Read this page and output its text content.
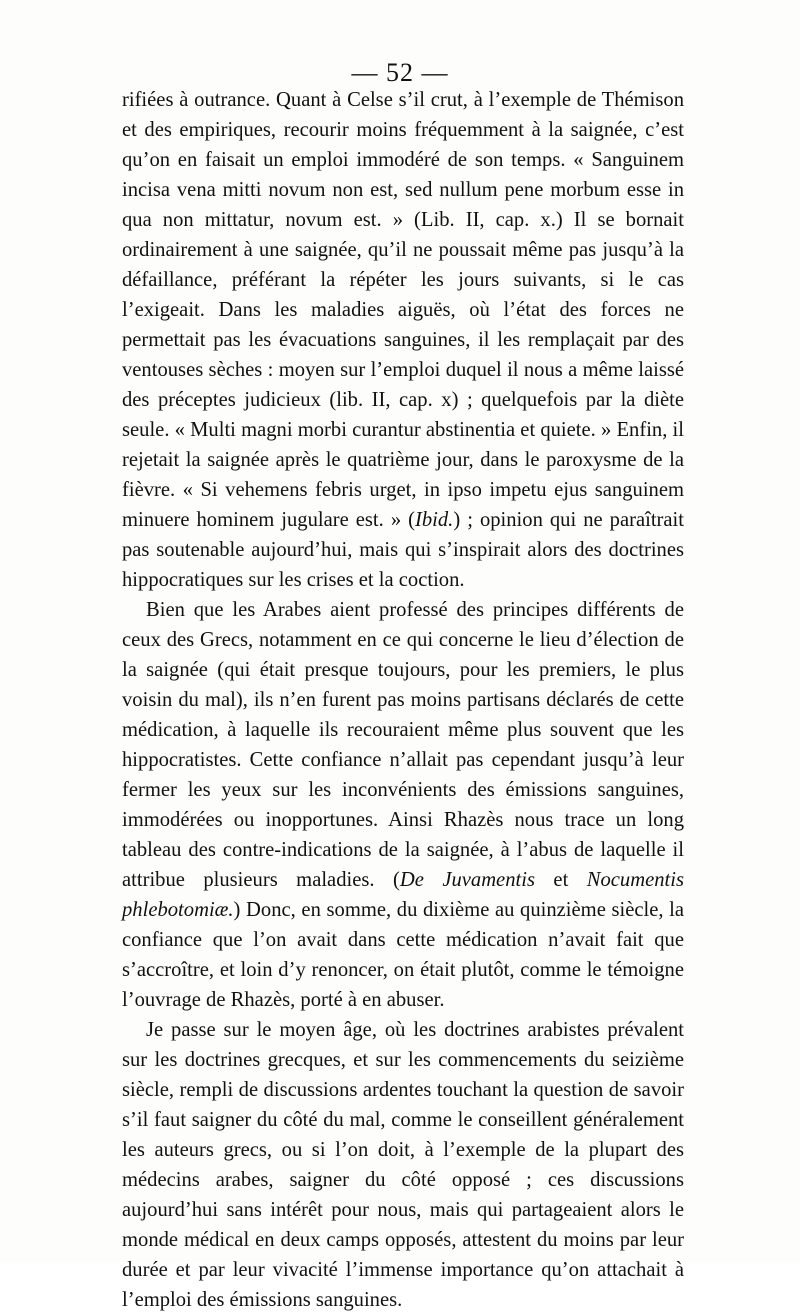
— 52 —

rifiées à outrance. Quant à Celse s’il crut, à l’exemple de Thémison et des empiriques, recourir moins fréquemment à la saignée, c’est qu’on en faisait un emploi immodéré de son temps. « Sanguinem incisa vena mitti novum non est, sed nullum pene morbum esse in qua non mittatur, novum est. » (Lib. II, cap. x.) Il se bornait ordinairement à une saignée, qu’il ne poussait même pas jusqu’à la défaillance, préférant la répéter les jours suivants, si le cas l’exigeait. Dans les maladies aiguës, où l’état des forces ne permettait pas les évacuations sanguines, il les remplaçait par des ventouses sèches : moyen sur l’emploi duquel il nous a même laissé des préceptes judicieux (lib. II, cap. x) ; quelquefois par la diète seule. « Multi magni morbi curantur abstinentia et quiete. » Enfin, il rejetait la saignée après le quatrième jour, dans le paroxysme de la fièvre. « Si vehemens febris urget, in ipso impetu ejus sanguinem minuere hominem jugulare est. » (Ibid.) ; opinion qui ne paraîtrait pas soutenable aujourd’hui, mais qui s’inspirait alors des doctrines hippocratiques sur les crises et la coction.

Bien que les Arabes aient professé des principes différents de ceux des Grecs, notamment en ce qui concerne le lieu d’élection de la saignée (qui était presque toujours, pour les premiers, le plus voisin du mal), ils n’en furent pas moins partisans déclarés de cette médication, à laquelle ils recouraient même plus souvent que les hippocratistes. Cette confiance n’allait pas cependant jusqu’à leur fermer les yeux sur les inconvénients des émissions sanguines, immodérées ou inopportunes. Ainsi Rhazès nous trace un long tableau des contre-indications de la saignée, à l’abus de laquelle il attribue plusieurs maladies. (De Juvamentis et Nocumentis phlebotomiæ.) Donc, en somme, du dixième au quinzième siècle, la confiance que l’on avait dans cette médication n’avait fait que s’accroître, et loin d’y renoncer, on était plutôt, comme le témoigne l’ouvrage de Rhazès, porté à en abuser.

Je passe sur le moyen âge, où les doctrines arabistes prévalent sur les doctrines grecques, et sur les commencements du seizième siècle, rempli de discussions ardentes touchant la question de savoir s’il faut saigner du côté du mal, comme le conseillent généralement les auteurs grecs, ou si l’on doit, à l’exemple de la plupart des médecins arabes, saigner du côté opposé ; ces discussions aujourd’hui sans intérêt pour nous, mais qui partageaient alors le monde médical en deux camps opposés, attestent du moins par leur durée et par leur vivacité l’immense importance qu’on attachait à l’emploi des émissions sanguines.
